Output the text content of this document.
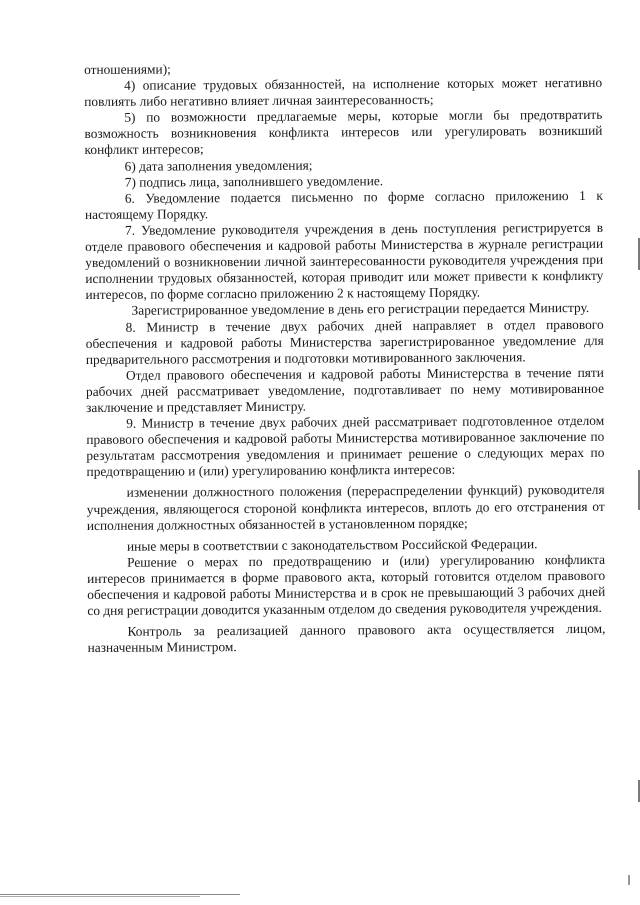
отношениями);

4) описание трудовых обязанностей, на исполнение которых может негативно повлиять либо негативно влияет личная заинтересованность;

5) по возможности предлагаемые меры, которые могли бы предотвратить возможность возникновения конфликта интересов или урегулировать возникший конфликт интересов;

6) дата заполнения уведомления;

7) подпись лица, заполнившего уведомление.

6. Уведомление подается письменно по форме согласно приложению 1 к настоящему Порядку.

7. Уведомление руководителя учреждения в день поступления регистрируется в отделе правового обеспечения и кадровой работы Министерства в журнале регистрации уведомлений о возникновении личной заинтересованности руководителя учреждения при исполнении трудовых обязанностей, которая приводит или может привести к конфликту интересов, по форме согласно приложению 2 к настоящему Порядку.

Зарегистрированное уведомление в день его регистрации передается Министру.

8. Министр в течение двух рабочих дней направляет в отдел правового обеспечения и кадровой работы Министерства зарегистрированное уведомление для предварительного рассмотрения и подготовки мотивированного заключения.

Отдел правового обеспечения и кадровой работы Министерства в течение пяти рабочих дней рассматривает уведомление, подготавливает по нему мотивированное заключение и представляет Министру.

9. Министр в течение двух рабочих дней рассматривает подготовленное отделом правового обеспечения и кадровой работы Министерства мотивированное заключение по результатам рассмотрения уведомления и принимает решение о следующих мерах по предотвращению и (или) урегулированию конфликта интересов:

изменении должностного положения (перераспределении функций) руководителя учреждения, являющегося стороной конфликта интересов, вплоть до его отстранения от исполнения должностных обязанностей в установленном порядке;

иные меры в соответствии с законодательством Российской Федерации.

Решение о мерах по предотвращению и (или) урегулированию конфликта интересов принимается в форме правового акта, который готовится отделом правового обеспечения и кадровой работы Министерства и в срок не превышающий 3 рабочих дней со дня регистрации доводится указанным отделом до сведения руководителя учреждения.

Контроль за реализацией данного правового акта осуществляется лицом, назначенным Министром.
